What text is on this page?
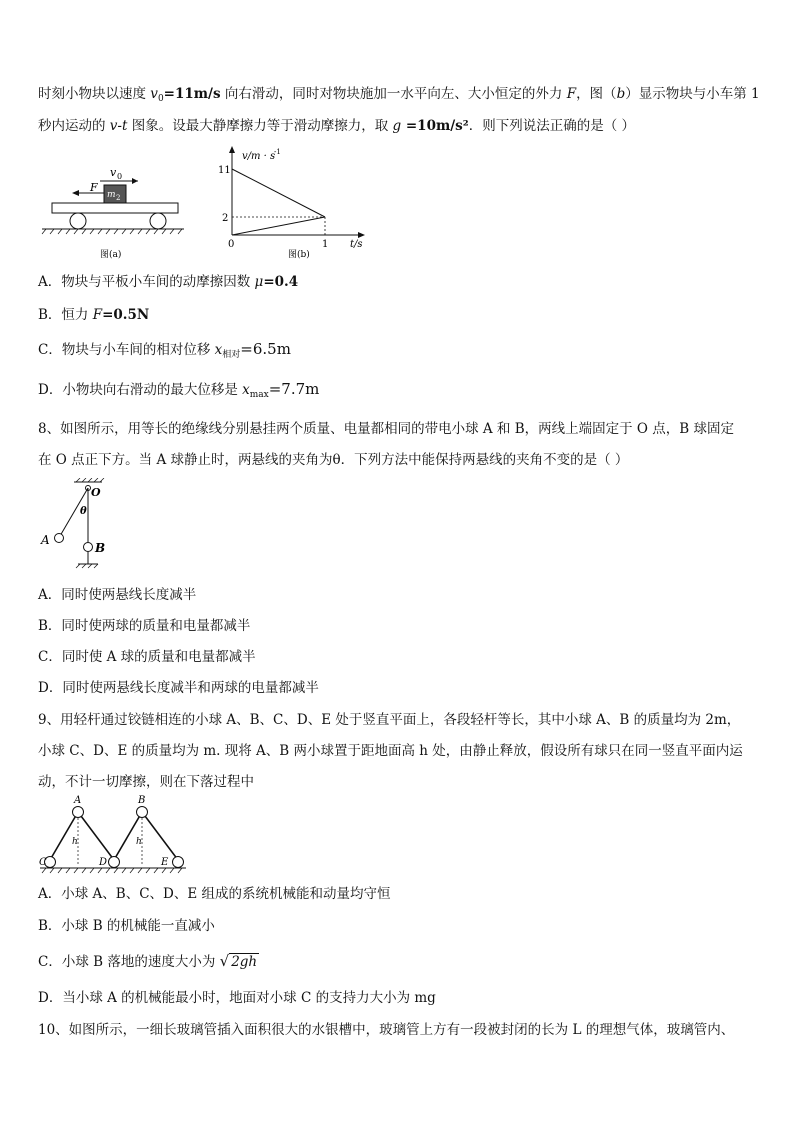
时刻小物块以速度 $v_0=11m/s$ 向右滑动，同时对物块施加一水平向左、大小恒定的外力 F，图（b）显示物块与小车第 1
秒内运动的 v-t 图象。设最大静摩擦力等于滑动摩擦力，取 g =10m/s²．则下列说法正确的是（ ）
v 0
F
m 2
图(a)
v/m · s
-1
11
2
0	1 t/s
图(b)
A．物块与平板小车间的动摩擦因数 μ=0.4
B．恒力 F=0.5N
C．物块与小车间的相对位移 $x_{相对}=6.5m$
D．小物块向右滑动的最大位移是 $x_{max}=7.7m$
8、如图所示，用等长的绝缘线分别悬挂两个质量、电量都相同的带电小球 A 和 B，两线上端固定于 O 点，B 球固定
在 O 点正下方。当 A 球静止时，两悬线的夹角为θ．下列方法中能保持两悬线的夹角不变的是（ ）
O
θ
A
B
A．同时使两悬线长度减半
B．同时使两球的质量和电量都减半
C．同时使 A 球的质量和电量都减半
D．同时使两悬线长度减半和两球的电量都减半
9、用轻杆通过铰链相连的小球 A、B、C、D、E 处于竖直平面上，各段轻杆等长，其中小球 A、B 的质量均为 2m，
小球 C、D、E 的质量均为 m. 现将 A、B 两小球置于距地面高 h 处，由静止释放，假设所有球只在同一竖直平面内运
动，不计一切摩擦，则在下落过程中
A	B
C	D	E
h	h
A．小球 A、B、C、D、E 组成的系统机械能和动量均守恒
B．小球 B 的机械能一直减小
C．小球 B 落地的速度大小为 √ 2gh
D．当小球 A 的机械能最小时，地面对小球 C 的支持力大小为 mg
10、如图所示，一细长玻璃管插入面积很大的水银槽中，玻璃管上方有一段被封闭的长为 L 的理想气体，玻璃管内、
